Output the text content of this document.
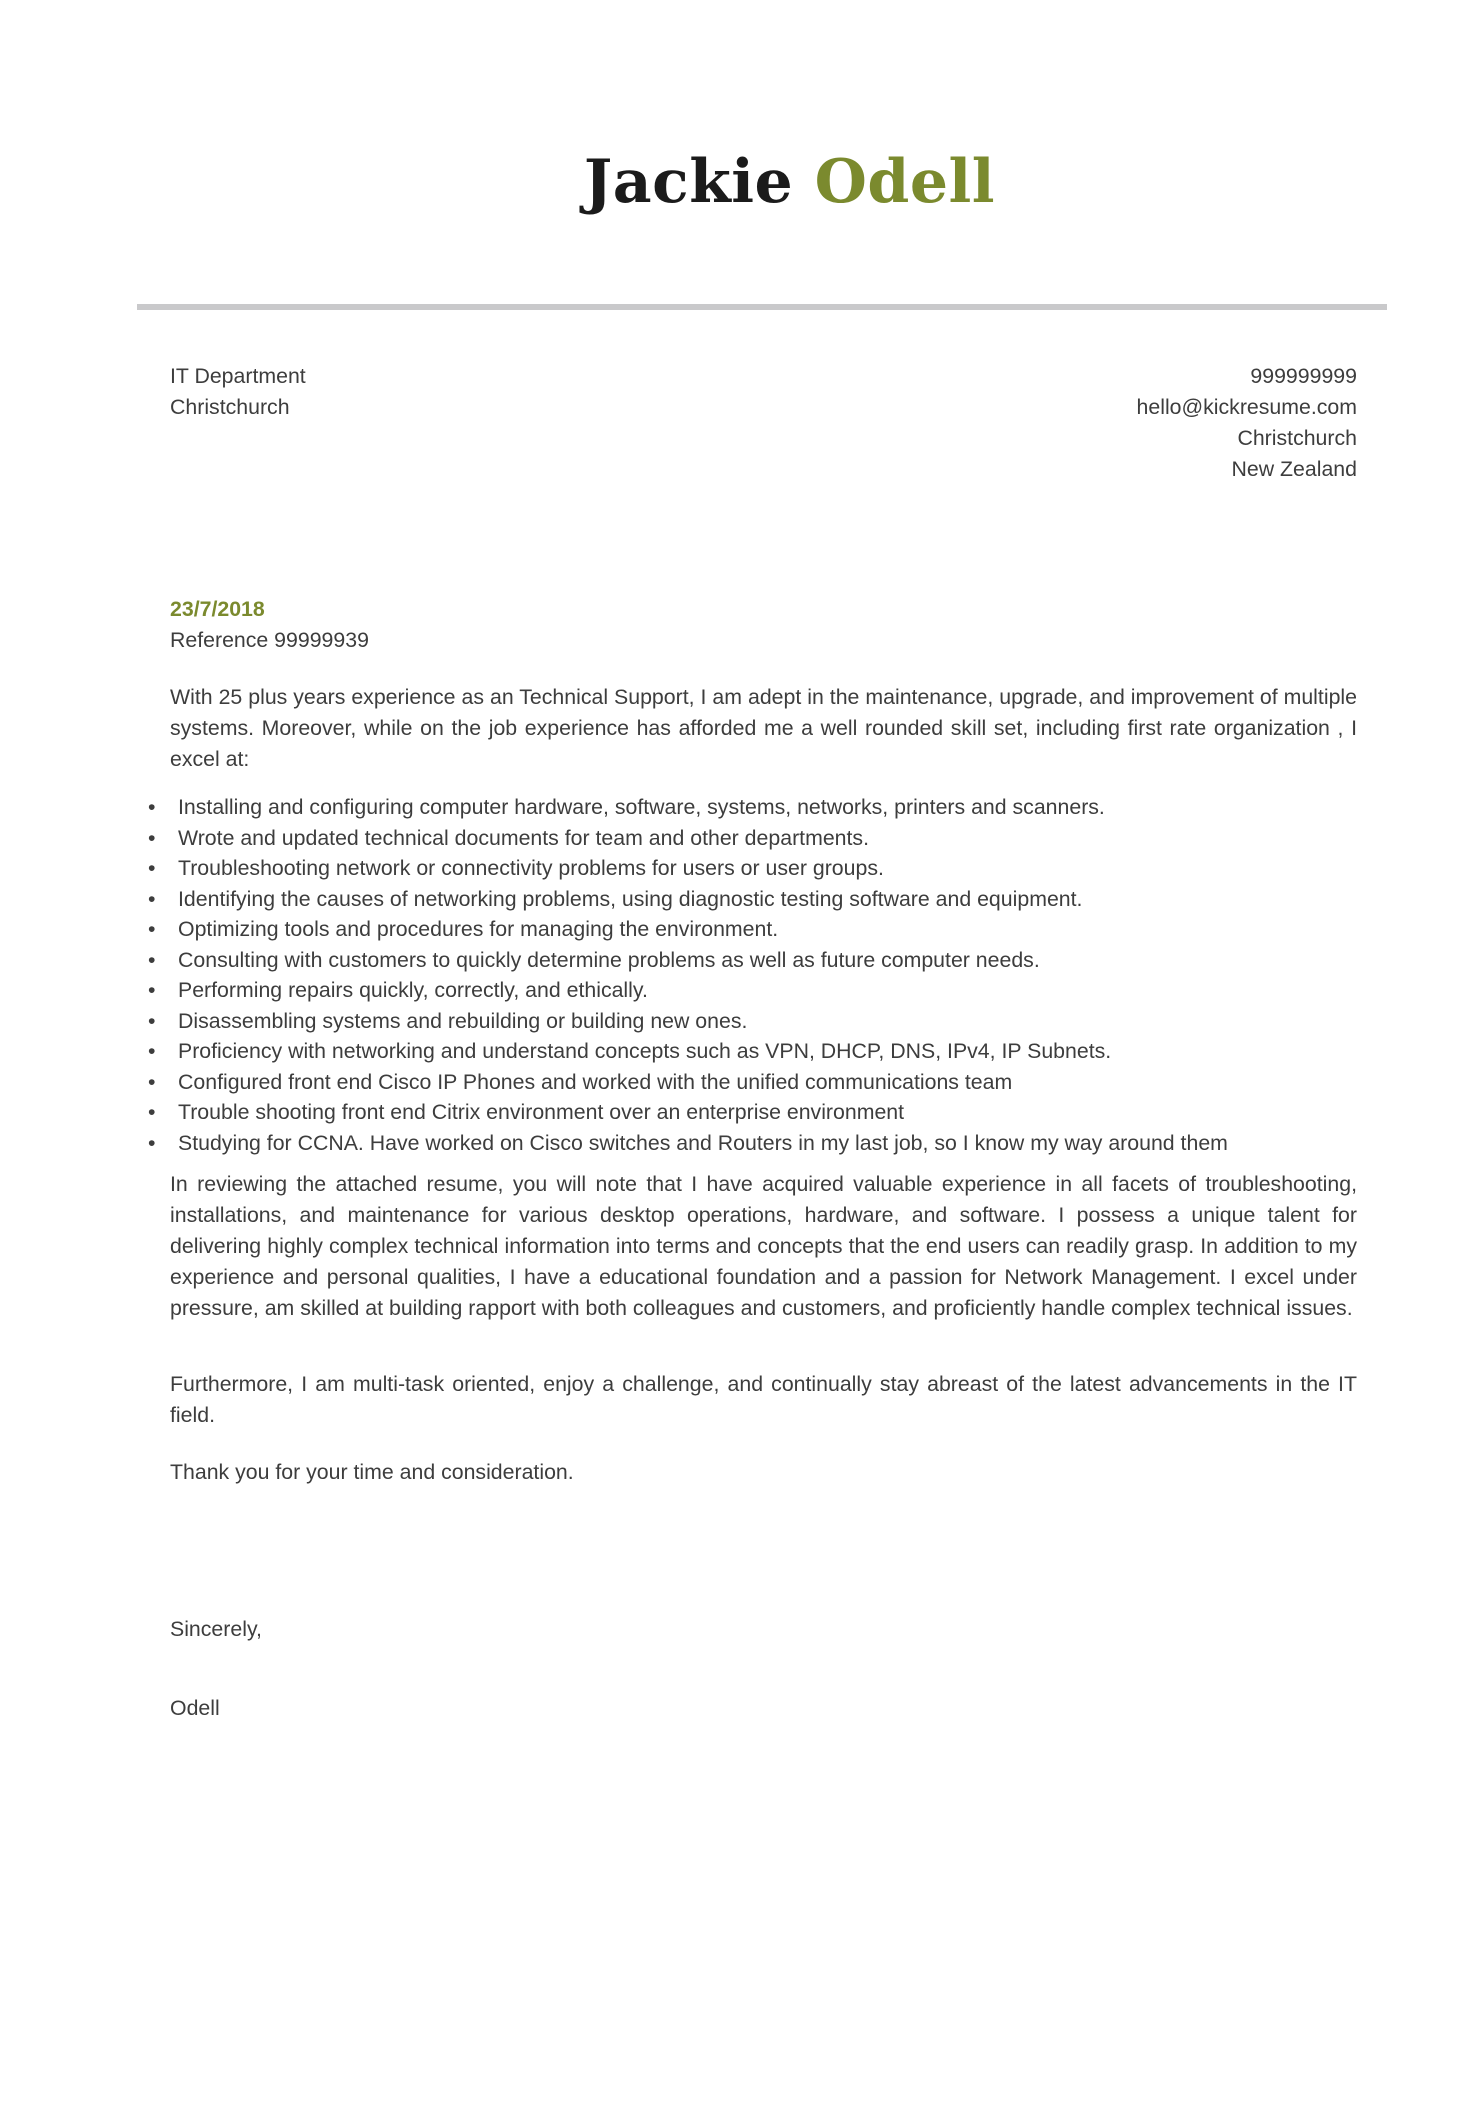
Jackie Odell
IT Department
Christchurch
999999999
hello@kickresume.com
Christchurch
New Zealand
23/7/2018
Reference 99999939

With 25 plus years experience as an Technical Support, I am adept in the maintenance, upgrade, and improvement of multiple systems. Moreover, while on the job experience has afforded me a well rounded skill set, including first rate organization , I excel at:

• Installing and configuring computer hardware, software, systems, networks, printers and scanners.
• Wrote and updated technical documents for team and other departments.
• Troubleshooting network or connectivity problems for users or user groups.
• Identifying the causes of networking problems, using diagnostic testing software and equipment.
• Optimizing tools and procedures for managing the environment.
• Consulting with customers to quickly determine problems as well as future computer needs.
• Performing repairs quickly, correctly, and ethically.
• Disassembling systems and rebuilding or building new ones.
• Proficiency with networking and understand concepts such as VPN, DHCP, DNS, IPv4, IP Subnets.
• Configured front end Cisco IP Phones and worked with the unified communications team
• Trouble shooting front end Citrix environment over an enterprise environment
• Studying for CCNA. Have worked on Cisco switches and Routers in my last job, so I know my way around them

In reviewing the attached resume, you will note that I have acquired valuable experience in all facets of troubleshooting, installations, and maintenance for various desktop operations, hardware, and software. I possess a unique talent for delivering highly complex technical information into terms and concepts that the end users can readily grasp. In addition to my experience and personal qualities, I have a educational foundation and a passion for Network Management. I excel under pressure, am skilled at building rapport with both colleagues and customers, and proficiently handle complex technical issues.

Furthermore, I am multi-task oriented, enjoy a challenge, and continually stay abreast of the latest advancements in the IT field.

Thank you for your time and consideration.

Sincerely,
Odell
